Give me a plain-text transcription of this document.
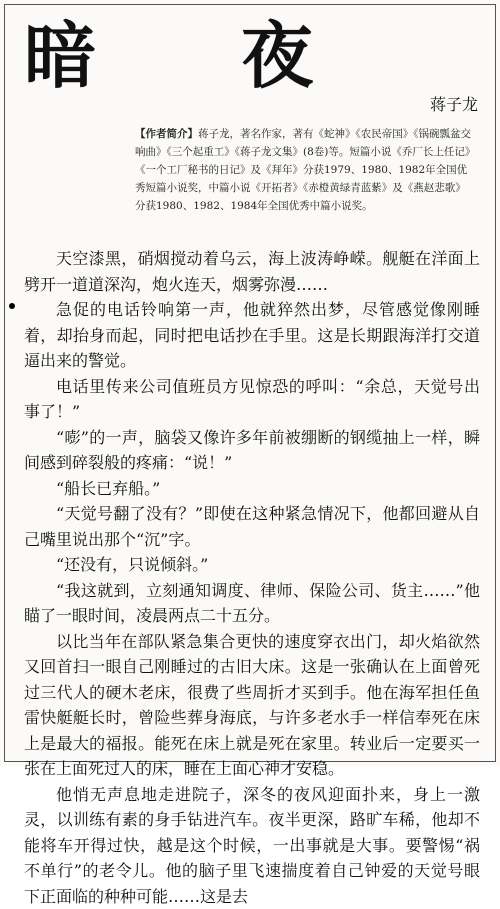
暗 夜
蒋子龙
【作者简介】蒋子龙，著名作家，著有《蛇神》《农民帝国》《锅碗瓢盆交响曲》《三个起重工》《蒋子龙文集》(8卷)等。短篇小说《乔厂长上任记》《一个工厂秘书的日记》及《拜年》分获1979、1980、1982年全国优秀短篇小说奖，中篇小说《开拓者》《赤橙黄绿青蓝紫》及《燕赵悲歌》分获1980、1982、1984年全国优秀中篇小说奖。

天空漆黑，硝烟搅动着乌云，海上波涛峥嵘。舰艇在洋面上劈开一道道深沟，炮火连天，烟雾弥漫……

急促的电话铃响第一声，他就猝然出梦，尽管感觉像刚睡着，却抬身而起，同时把电话抄在手里。这是长期跟海洋打交道逼出来的警觉。

电话里传来公司值班员方见惊恐的呼叫：“余总，天觉号出事了！”

“嘭”的一声，脑袋又像许多年前被绷断的钢缆抽上一样，瞬间感到碎裂般的疼痛：“说！”

“船长已弃船。”

“天觉号翻了没有？”即使在这种紧急情况下，他都回避从自己嘴里说出那个“沉”字。

“还没有，只说倾斜。”

“我这就到，立刻通知调度、律师、保险公司、货主……”他瞄了一眼时间，凌晨两点二十五分。

以比当年在部队紧急集合更快的速度穿衣出门，却火焰欲然又回首扫一眼自己刚睡过的古旧大床。这是一张确认在上面曾死过三代人的硬木老床，很费了些周折才买到手。他在海军担任鱼雷快艇艇长时，曾险些葬身海底，与许多老水手一样信奉死在床上是最大的福报。能死在床上就是死在家里。转业后一定要买一张在上面死过人的床，睡在上面心神才安稳。

他悄无声息地走进院子，深冬的夜风迎面扑来，身上一激灵，以训练有素的身手钻进汽车。夜半更深，路旷车稀，他却不能将车开得过快，越是这个时候，一出事就是大事。要警惕“祸不单行”的老令儿。他的脑子里飞速揣度着自己钟爱的天觉号眼下正面临的种种可能……这是去
